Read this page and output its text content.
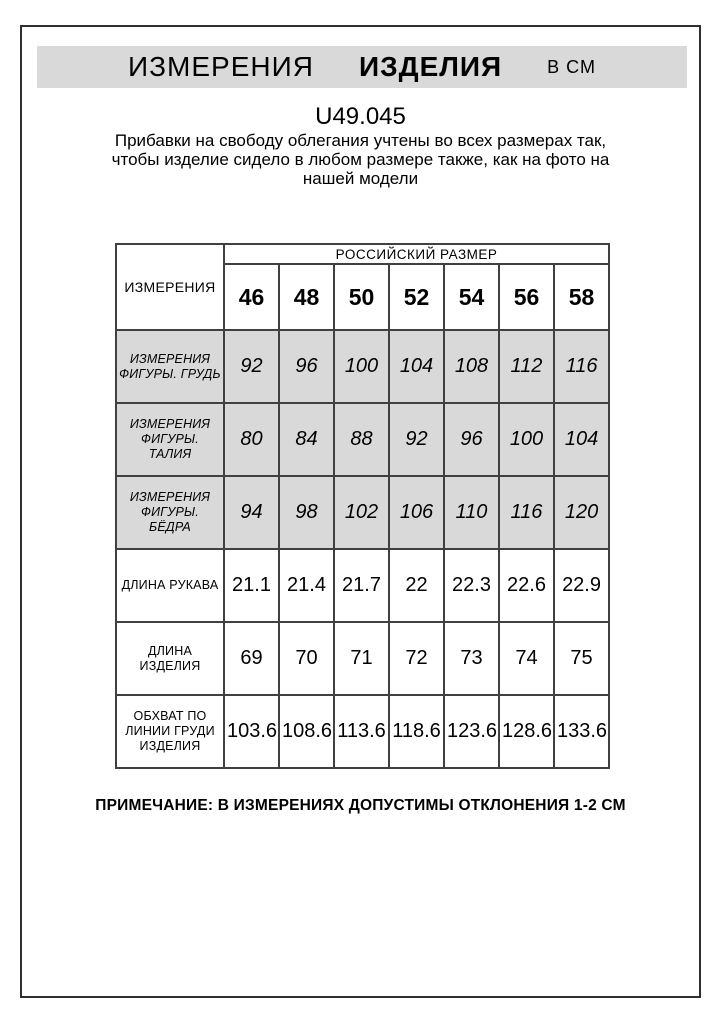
ИЗМЕРЕНИЯ ИЗДЕЛИЯ	В СМ
U49.045
Прибавки на свободу облегания учтены во всех размерах так,
чтобы изделие сидело в любом размере также, как на фото на
нашей модели
ИЗМЕРЕНИЯ	РОССИЙСКИЙ РАЗМЕР						
	46	48	50	52	54	56	58
ИЗМЕРЕНИЯ ФИГУРЫ. ГРУДЬ	92	96	100	104	108	112	116
ИЗМЕРЕНИЯ ФИГУРЫ. ТАЛИЯ	80	84	88	92	96	100	104
ИЗМЕРЕНИЯ ФИГУРЫ. БЁДРА	94	98	102	106	110	116	120
ДЛИНА РУКАВА	21.1	21.4	21.7	22	22.3	22.6	22.9
ДЛИНА ИЗДЕЛИЯ	69	70	71	72	73	74	75
ОБХВАТ ПО ЛИНИИ ГРУДИ ИЗДЕЛИЯ	103.6	108.6	113.6	118.6	123.6	128.6	133.6
ПРИМЕЧАНИЕ: В ИЗМЕРЕНИЯХ ДОПУСТИМЫ ОТКЛОНЕНИЯ 1-2 СМ
